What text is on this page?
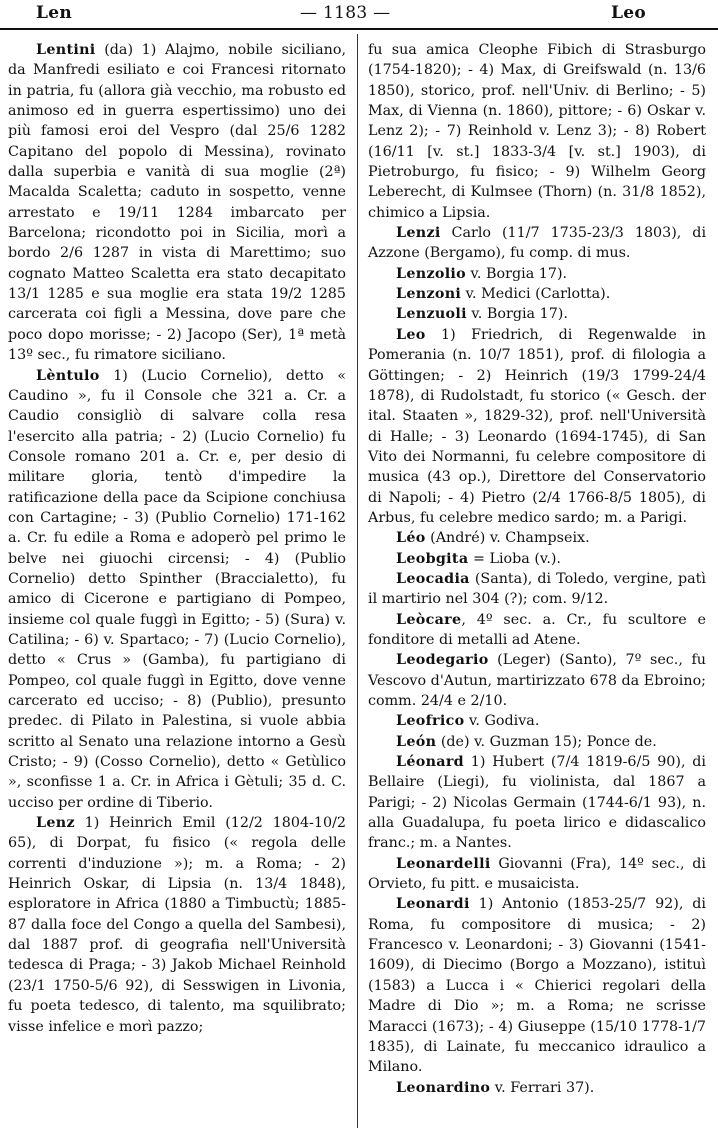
Len	— 1183 —	Leo

Lentini (da) 1) Alajmo, nobile siciliano, da Manfredi esiliato e coi Francesi ritornato in patria, fu (allora già vecchio, ma robusto ed animoso ed in guerra espertissimo) uno dei più famosi eroi del Vespro (dal 25/6 1282 Capitano del popolo di Messina), rovinato dalla superbia e vanità di sua moglie (2ª) Macalda Scaletta; caduto in sospetto, venne arrestato e 19/11 1284 imbarcato per Barcelona; ricondotto poi in Sicilia, morì a bordo 2/6 1287 in vista di Marettimo; suo cognato Matteo Scaletta era stato decapitato 13/1 1285 e sua moglie era stata 19/2 1285 carcerata coi figli a Messina, dove pare che poco dopo morisse; - 2) Jacopo (Ser), 1ª metà 13º sec., fu rimatore siciliano.

Lèntulo 1) (Lucio Cornelio), detto « Caudino », fu il Console che 321 a. Cr. a Caudio consigliò di salvare colla resa l'esercito alla patria; - 2) (Lucio Cornelio) fu Console romano 201 a. Cr. e, per desio di militare gloria, tentò d'impedire la ratificazione della pace da Scipione conchiusa con Cartagine; - 3) (Publio Cornelio) 171-162 a. Cr. fu edile a Roma e adoperò pel primo le belve nei giuochi circensi; - 4) (Publio Cornelio) detto Spinther (Braccialetto), fu amico di Cicerone e partigiano di Pompeo, insieme col quale fuggì in Egitto; - 5) (Sura) v. Catilina; - 6) v. Spartaco; - 7) (Lucio Cornelio), detto « Crus » (Gamba), fu partigiano di Pompeo, col quale fuggì in Egitto, dove venne carcerato ed ucciso; - 8) (Publio), presunto predec. di Pilato in Palestina, si vuole abbia scritto al Senato una relazione intorno a Gesù Cristo; - 9) (Cosso Cornelio), detto « Getùlico », sconfisse 1 a. Cr. in Africa i Gètuli; 35 d. C. ucciso per ordine di Tiberio.

Lenz 1) Heinrich Emil (12/2 1804-10/2 65), di Dorpat, fu fisico (« regola delle correnti d'induzione »); m. a Roma; - 2) Heinrich Oskar, di Lipsia (n. 13/4 1848), esploratore in Africa (1880 a Timbuctù; 1885-87 dalla foce del Congo a quella del Sambesi), dal 1887 prof. di geografia nell'Università tedesca di Praga; - 3) Jakob Michael Reinhold (23/1 1750-5/6 92), di Sesswigen in Livonia, fu poeta tedesco, di talento, ma squilibrato; visse infelice e morì pazzo;

fu sua amica Cleophe Fibich di Strasburgo (1754-1820); - 4) Max, di Greifswald (n. 13/6 1850), storico, prof. nell'Univ. di Berlino; - 5) Max, di Vienna (n. 1860), pittore; - 6) Oskar v. Lenz 2); - 7) Reinhold v. Lenz 3); - 8) Robert (16/11 [v. st.] 1833-3/4 [v. st.] 1903), di Pietroburgo, fu fisico; - 9) Wilhelm Georg Leberecht, di Kulmsee (Thorn) (n. 31/8 1852), chimico a Lipsia.

Lenzi Carlo (11/7 1735-23/3 1803), di Azzone (Bergamo), fu comp. di mus.

Lenzolio v. Borgia 17).

Lenzoni v. Medici (Carlotta).

Lenzuoli v. Borgia 17).

Leo 1) Friedrich, di Regenwalde in Pomerania (n. 10/7 1851), prof. di filologia a Göttingen; - 2) Heinrich (19/3 1799-24/4 1878), di Rudolstadt, fu storico (« Gesch. der ital. Staaten », 1829-32), prof. nell'Università di Halle; - 3) Leonardo (1694-1745), di San Vito dei Normanni, fu celebre compositore di musica (43 op.), Direttore del Conservatorio di Napoli; - 4) Pietro (2/4 1766-8/5 1805), di Arbus, fu celebre medico sardo; m. a Parigi.

Léo (André) v. Champseix.

Leobgita = Lioba (v.).

Leocadia (Santa), di Toledo, vergine, patì il martirio nel 304 (?); com. 9/12.

Leòcare, 4º sec. a. Cr., fu scultore e fonditore di metalli ad Atene.

Leodegario (Leger) (Santo), 7º sec., fu Vescovo d'Autun, martirizzato 678 da Ebroino; comm. 24/4 e 2/10.

Leofrico v. Godiva.

León (de) v. Guzman 15); Ponce de.

Léonard 1) Hubert (7/4 1819-6/5 90), di Bellaire (Liegi), fu violinista, dal 1867 a Parigi; - 2) Nicolas Germain (1744-6/1 93), n. alla Guadalupa, fu poeta lirico e didascalico franc.; m. a Nantes.

Leonardelli Giovanni (Fra), 14º sec., di Orvieto, fu pitt. e musaicista.

Leonardi 1) Antonio (1853-25/7 92), di Roma, fu compositore di musica; - 2) Francesco v. Leonardoni; - 3) Giovanni (1541-1609), di Diecimo (Borgo a Mozzano), istituì (1583) a Lucca i « Chierici regolari della Madre di Dio »; m. a Roma; ne scrisse Maracci (1673); - 4) Giuseppe (15/10 1778-1/7 1835), di Lainate, fu meccanico idraulico a Milano.

Leonardino v. Ferrari 37).
